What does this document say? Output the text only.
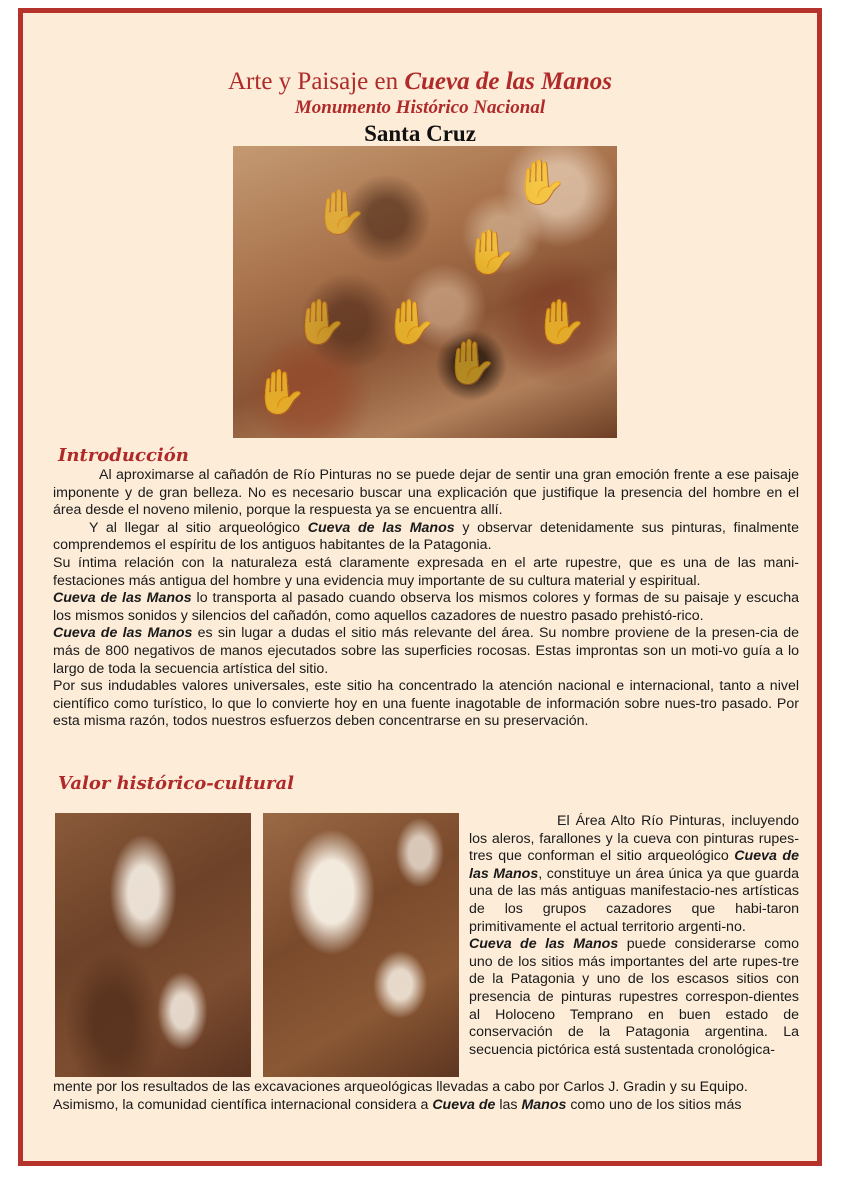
Arte y Paisaje en Cueva de las Manos
Monumento Histórico Nacional
Santa Cruz
✋
✋
✋
✋
✋
✋
✋
✋
Introducción

Al aproximarse al cañadón de Río Pinturas no se puede dejar de sentir una gran emoción frente a ese paisaje imponente y de gran belleza. No es necesario buscar una explicación que justifique la presencia del hombre en el área desde el noveno milenio, porque la respuesta ya se encuentra allí.

Y al llegar al sitio arqueológico Cueva de las Manos y observar detenidamente sus pinturas, finalmente comprendemos el espíritu de los antiguos habitantes de la Patagonia.

Su íntima relación con la naturaleza está claramente expresada en el arte rupestre, que es una de las mani-festaciones más antigua del hombre y una evidencia muy importante de su cultura material y espiritual.

Cueva de las Manos lo transporta al pasado cuando observa los mismos colores y formas de su paisaje y escucha los mismos sonidos y silencios del cañadón, como aquellos cazadores de nuestro pasado prehistó-rico.

Cueva de las Manos es sin lugar a dudas el sitio más relevante del área. Su nombre proviene de la presen-cia de más de 800 negativos de manos ejecutados sobre las superficies rocosas. Estas improntas son un moti-vo guía a lo largo de toda la secuencia artística del sitio.

Por sus indudables valores universales, este sitio ha concentrado la atención nacional e internacional, tanto a nivel científico como turístico, lo que lo convierte hoy en una fuente inagotable de información sobre nues-tro pasado. Por esta misma razón, todos nuestros esfuerzos deben concentrarse en su preservación.

Valor histórico-cultural

El Área Alto Río Pinturas, incluyendo los aleros, farallones y la cueva con pinturas rupes-tres que conforman el sitio arqueológico Cueva de las Manos, constituye un área única ya que guarda una de las más antiguas manifestacio-nes artísticas de los grupos cazadores que habi-taron primitivamente el actual territorio argenti-no.

Cueva de las Manos puede considerarse como uno de los sitios más importantes del arte rupes-tre de la Patagonia y uno de los escasos sitios con presencia de pinturas rupestres correspon-dientes al Holoceno Temprano en buen estado de conservación de la Patagonia argentina. La secuencia pictórica está sustentada cronológica-

mente por los resultados de las excavaciones arqueológicas llevadas a cabo por Carlos J. Gradin y su Equipo.

Asimismo, la comunidad científica internacional considera a Cueva de las Manos como uno de los sitios más
